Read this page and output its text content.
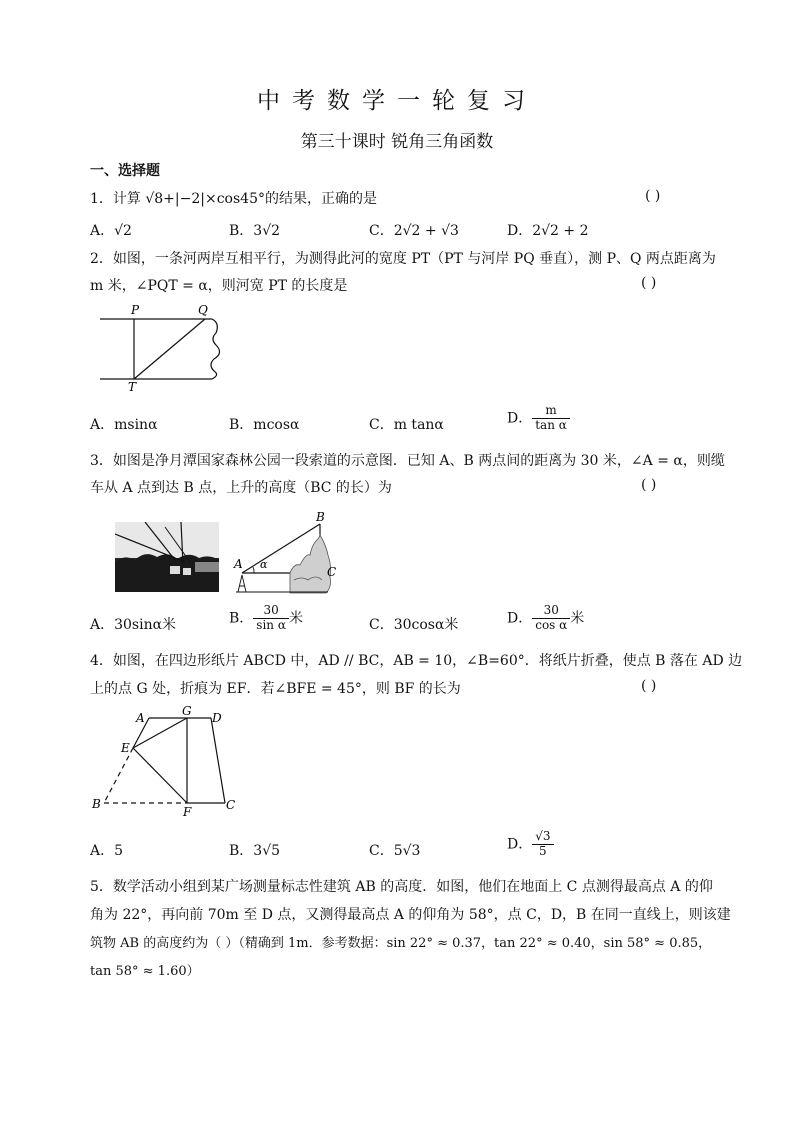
中考数学一轮复习
第三十课时 锐角三角函数
一、选择题
1．计算 √8+|−2|×cos45°的结果，正确的是	( )
A．√2	B．3√2	C．2√2 + √3	D．2√2 + 2
2．如图，一条河两岸互相平行，为测得此河的宽度 PT（PT 与河岸 PQ 垂直），测 P、Q 两点距离为
m 米，∠PQT = α，则河宽 PT 的长度是	( )
P	Q
T
A．msinα	B．mcosα	C．m tanα	D． $\frac{m}{\text{tan α}}$
3．如图是净月潭国家森林公园一段索道的示意图．已知 A、B 两点间的距离为 30 米，∠A = α，则缆
车从 A 点到达 B 点，上升的高度（BC 的长）为	( )
B
A α
C
A．30sinα米	B． $\frac{30}{\text{sin α}}$ 米	C．30cosα米	D． $\frac{30}{\text{cos α}}$ 米
4．如图，在四边形纸片 ABCD 中，AD // BC，AB = 10，∠B=60°．将纸片折叠，使点 B 落在 AD 边
上的点 G 处，折痕为 EF．若∠BFE = 45°，则 BF 的长为	( )
A	G D
E
B
F	C
A．5	B．3√5	C．5√3	D． $\frac{√3}{5}$
5．数学活动小组到某广场测量标志性建筑 AB 的高度．如图，他们在地面上 C 点测得最高点 A 的仰
角为 22°，再向前 70m 至 D 点，又测得最高点 A 的仰角为 58°，点 C，D，B 在同一直线上，则该建
筑物 AB 的高度约为（ ）（精确到 1m．参考数据：sin 22° ≈ 0.37，tan 22° ≈ 0.40，sin 58° ≈ 0.85，
tan 58° ≈ 1.60）
